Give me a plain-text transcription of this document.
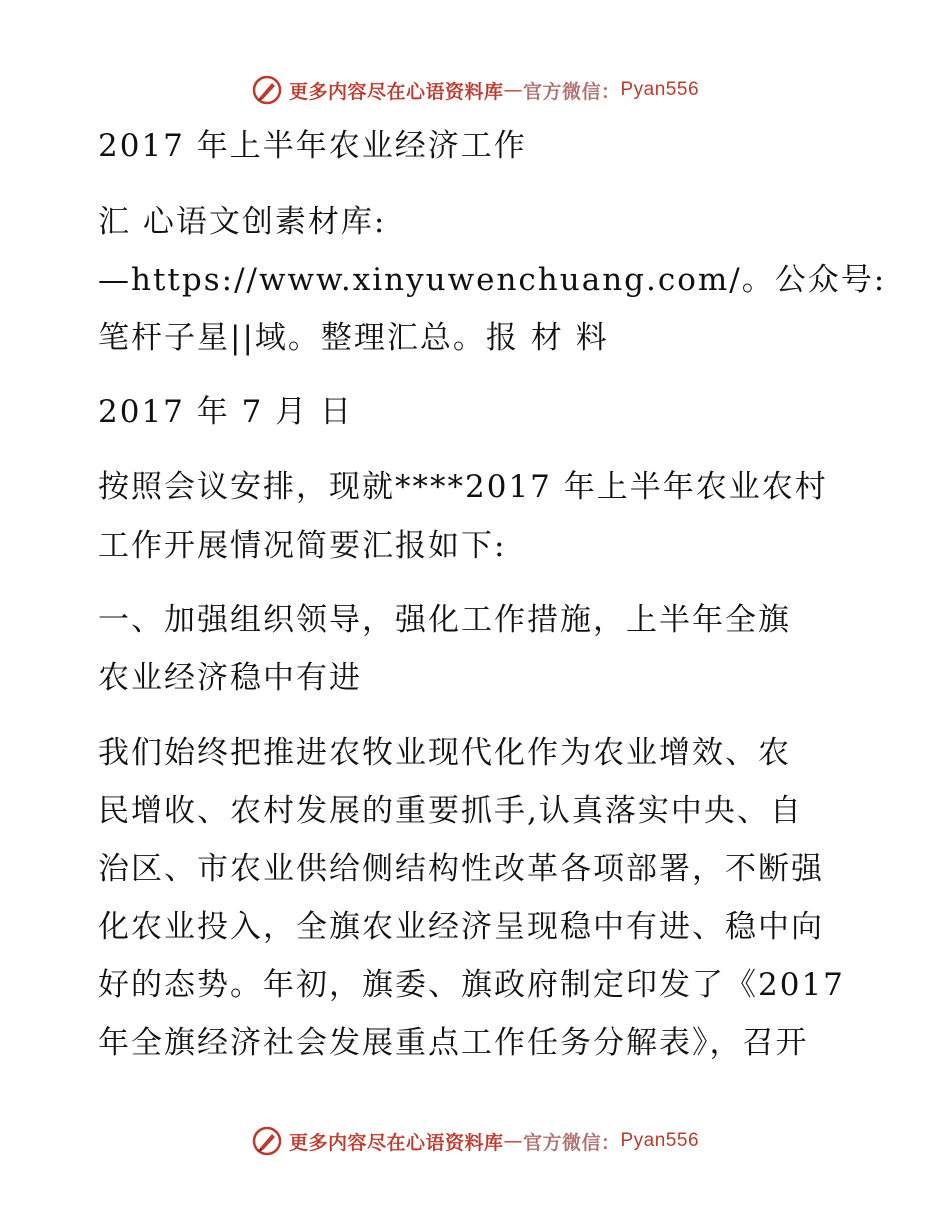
更多内容尽在心语资料库 — 官方微信： Pyan556
2017 年上半年农业经济工作
汇 心语文创素材库:
—https://www.xinyuwenchuang.com/。公众号:
笔杆子星||域。整理汇总。报 材 料
2017 年 7 月 日
按照会议安排，现就****2017 年上半年农业农村
工作开展情况简要汇报如下:
一、加强组织领导，强化工作措施，上半年全旗
农业经济稳中有进
我们始终把推进农牧业现代化作为农业增效、农
民增收、农村发展的重要抓手,认真落实中央、自
治区、市农业供给侧结构性改革各项部署，不断强
化农业投入，全旗农业经济呈现稳中有进、稳中向
好的态势。年初，旗委、旗政府制定印发了《2017
年全旗经济社会发展重点工作任务分解表》，召开
更多内容尽在心语资料库 — 官方微信： Pyan556
